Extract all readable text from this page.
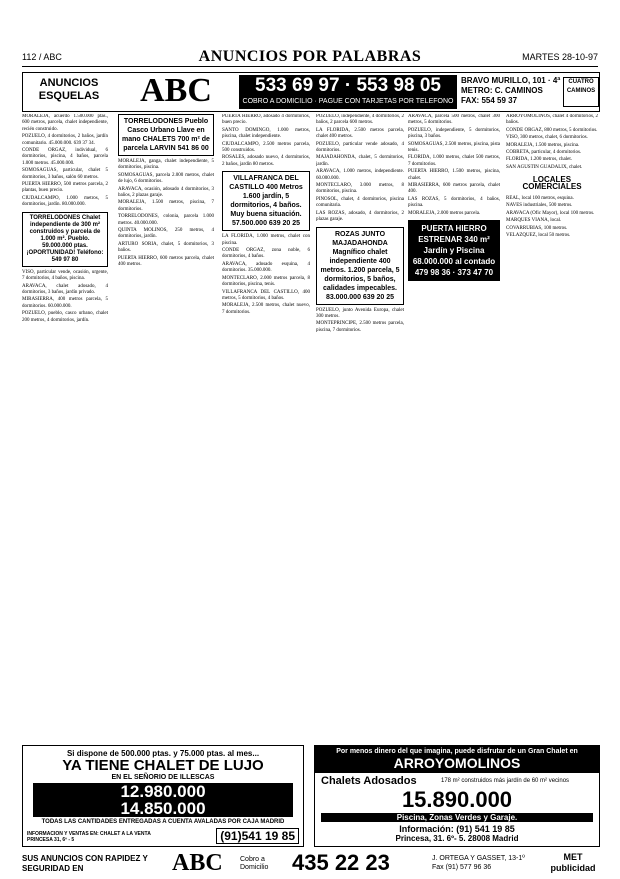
112 / ABC	ANUNCIOS POR PALABRAS	MARTES 28-10-97
ANUNCIOS ESQUELAS	ABC	533 69 97 · 553 98 05
COBRO A DOMICILIO · PAGUE CON TARJETAS POR TELEFONO
BRAVO MURILLO, 101 · 4ª METRO: C. CAMINOS FAX: 554 59 37
CUATRO CAMINOS

MORALEJA, acuerdo 1.500.000 ptas., 600 metros, parcela, chalet independiente, recién construido.

POZUELO, 4 dormitorios, 2 baños, jardín comunitario. 45.000.000. 639 37 34.

CONDE ORGAZ, individual, 6 dormitorios, piscina, 4 baños, parcela 1.000 metros. 45.000.000.

SOMOSAGUAS, particular, chalet 5 dormitorios, 3 baños, salón 60 metros.

PUERTA HIERRO, 500 metros parcela, 2 plantas, buen precio.

CIUDALCAMPO, 1.000 metros, 5 dormitorios, jardín. 80.000.000.

TORRELODONES Chalet independiente de 300 m² construidos y parcela de 1.000 m². Pueblo. 59.000.000 ptas. ¡OPORTUNIDAD! Teléfono: 549 97 80

VISO, particular vende, ocasión, urgente, 7 dormitorios, 4 baños, piscina.

ARAVACA, chalet adosado, 4 dormitorios, 3 baños, jardín privado.

MIRASIERRA, 400 metros parcela, 5 dormitorios. 60.000.000.

POZUELO, pueblo, casco urbano, chalet 200 metros, 4 dormitorios, jardín.

TORRELODONES Pueblo Casco Urbano Llave en mano CHALETS 700 m² de parcela LARVIN 541 86 00

MORALEJA, ganga, chalet independiente, 5 dormitorios, piscina.

SOMOSAGUAS, parcela 2.000 metros, chalet de lujo, 6 dormitorios.

ARAVACA, ocasión, adosado 4 dormitorios, 3 baños, 2 plazas garaje.

MORALEJA, 1.500 metros, piscina, 7 dormitorios.

TORRELODONES, colonia, parcela 1.000 metros. 40.000.000.

QUINTA MOLINOS, 250 metros, 4 dormitorios, jardín.

ARTURO SORIA, chalet, 5 dormitorios, 3 baños.

PUERTA HIERRO, 600 metros parcela, chalet 400 metros.

PUERTA HIERRO, adosado 4 dormitorios, buen precio.

SANTO DOMINGO, 1.000 metros, piscina, chalet independiente.

CIUDALCAMPO, 2.500 metros parcela, 500 construidos.

ROSALES, adosado nuevo, 4 dormitorios, 2 baños, jardín 80 metros.

VILLAFRANCA DEL CASTILLO 400 Metros 1.600 jardín, 5 dormitorios, 4 baños. Muy buena situación. 57.500.000 639 20 25

LA FLORIDA, 1.000 metros, chalet con piscina.

CONDE ORGAZ, zona noble, 6 dormitorios, 4 baños.

ARAVACA, adosado esquina, 4 dormitorios. 35.000.000.

MONTECLARO, 2.000 metros parcela, 8 dormitorios, piscina, tenis.

VILLAFRANCA DEL CASTILLO, 400 metros, 5 dormitorios, 4 baños.

MORALEJA, 2.500 metros, chalet nuevo, 7 dormitorios.

POZUELO, independiente, 4 dormitorios, 2 baños, 2 parcela 600 metros.

LA FLORIDA, 2.500 metros parcela, chalet 400 metros.

POZUELO, particular vende adosado, 4 dormitorios.

MAJADAHONDA, chalet, 5 dormitorios, jardín.

ARAVACA, 1.000 metros, independiente. 60.000.000.

MONTECLARO, 3.000 metros, 8 dormitorios, piscina.

PINOSOL, chalet, 4 dormitorios, piscina comunitaria.

LAS ROZAS, adosado, 4 dormitorios, 2 plazas garaje.

ROZAS JUNTO MAJADAHONDA Magnífico chalet independiente 400 metros. 1.200 parcela, 5 dormitorios, 5 baños, calidades impecables. 83.000.000 639 20 25

POZUELO, junto Avenida Europa, chalet 300 metros.

MONTEPRINCIPE, 2.500 metros parcela, piscina, 7 dormitorios.

ARAVACA, parcela 500 metros, chalet 300 metros, 5 dormitorios.

POZUELO, independiente, 5 dormitorios, piscina, 3 baños.

SOMOSAGUAS, 2.500 metros, piscina, pista tenis.

FLORIDA, 1.000 metros, chalet 500 metros, 7 dormitorios.

PUERTA HIERRO, 1.500 metros, piscina, chalet.

MIRASIERRA, 600 metros parcela, chalet 400.

LAS ROZAS, 5 dormitorios, 4 baños, piscina.

MORALEJA, 2.000 metros parcela.

PUERTA HIERRO ESTRENAR 340 m² Jardín y Piscina 68.000.000 al contado 479 98 36 · 373 47 70

ARROYOMOLINOS, chalet 4 dormitorios, 2 baños.

CONDE ORGAZ, 800 metros, 5 dormitorios.

VISO, 300 metros, chalet, 6 dormitorios.

MORALEJA, 1.500 metros, piscina.

COBRETA, particular, 4 dormitorios.

FLORIDA, 1.200 metros, chalet.

SAN AGUSTIN GUADALIX, chalet.

LOCALES COMERCIALES

REAL, local 100 metros, esquina.

NAVES industriales, 500 metros.

ARAVACA (Ofic Mayor), local 100 metros.

MARQUES VIANA, local.

COVARRUBIAS, 100 metros.

VELAZQUEZ, local 50 metros.

Si dispone de 500.000 ptas. y 75.000 ptas. al mes...
YA TIENE CHALET DE LUJO
EN EL SEÑORIO DE ILLESCAS
12.980.000
14.850.000
TODAS LAS CANTIDADES ENTREGADAS A CUENTA AVALADAS POR CAJA MADRID
INFORMACION Y VENTAS EN: CHALET A LA VENTA PRINCESA 31, 6º - 5	(91)541 19 85
Por menos dinero del que imagina, puede disfrutar de un Gran Chalet en
ARROYOMOLINOS
Chalets Adosados	178 m² construidos más jardín de 60 m² vecinos
15.890.000
Piscina, Zonas Verdes y Garaje.
Información: (91) 541 19 85
Princesa, 31. 6º- 5. 28008 Madrid
SUS ANUNCIOS CON RAPIDEZ Y SEGURIDAD EN	ABC Cobro a Domicilio	435 22 23	J. ORTEGA Y GASSET, 13-1º
Fax (91) 577 96 36
MET publicidad
